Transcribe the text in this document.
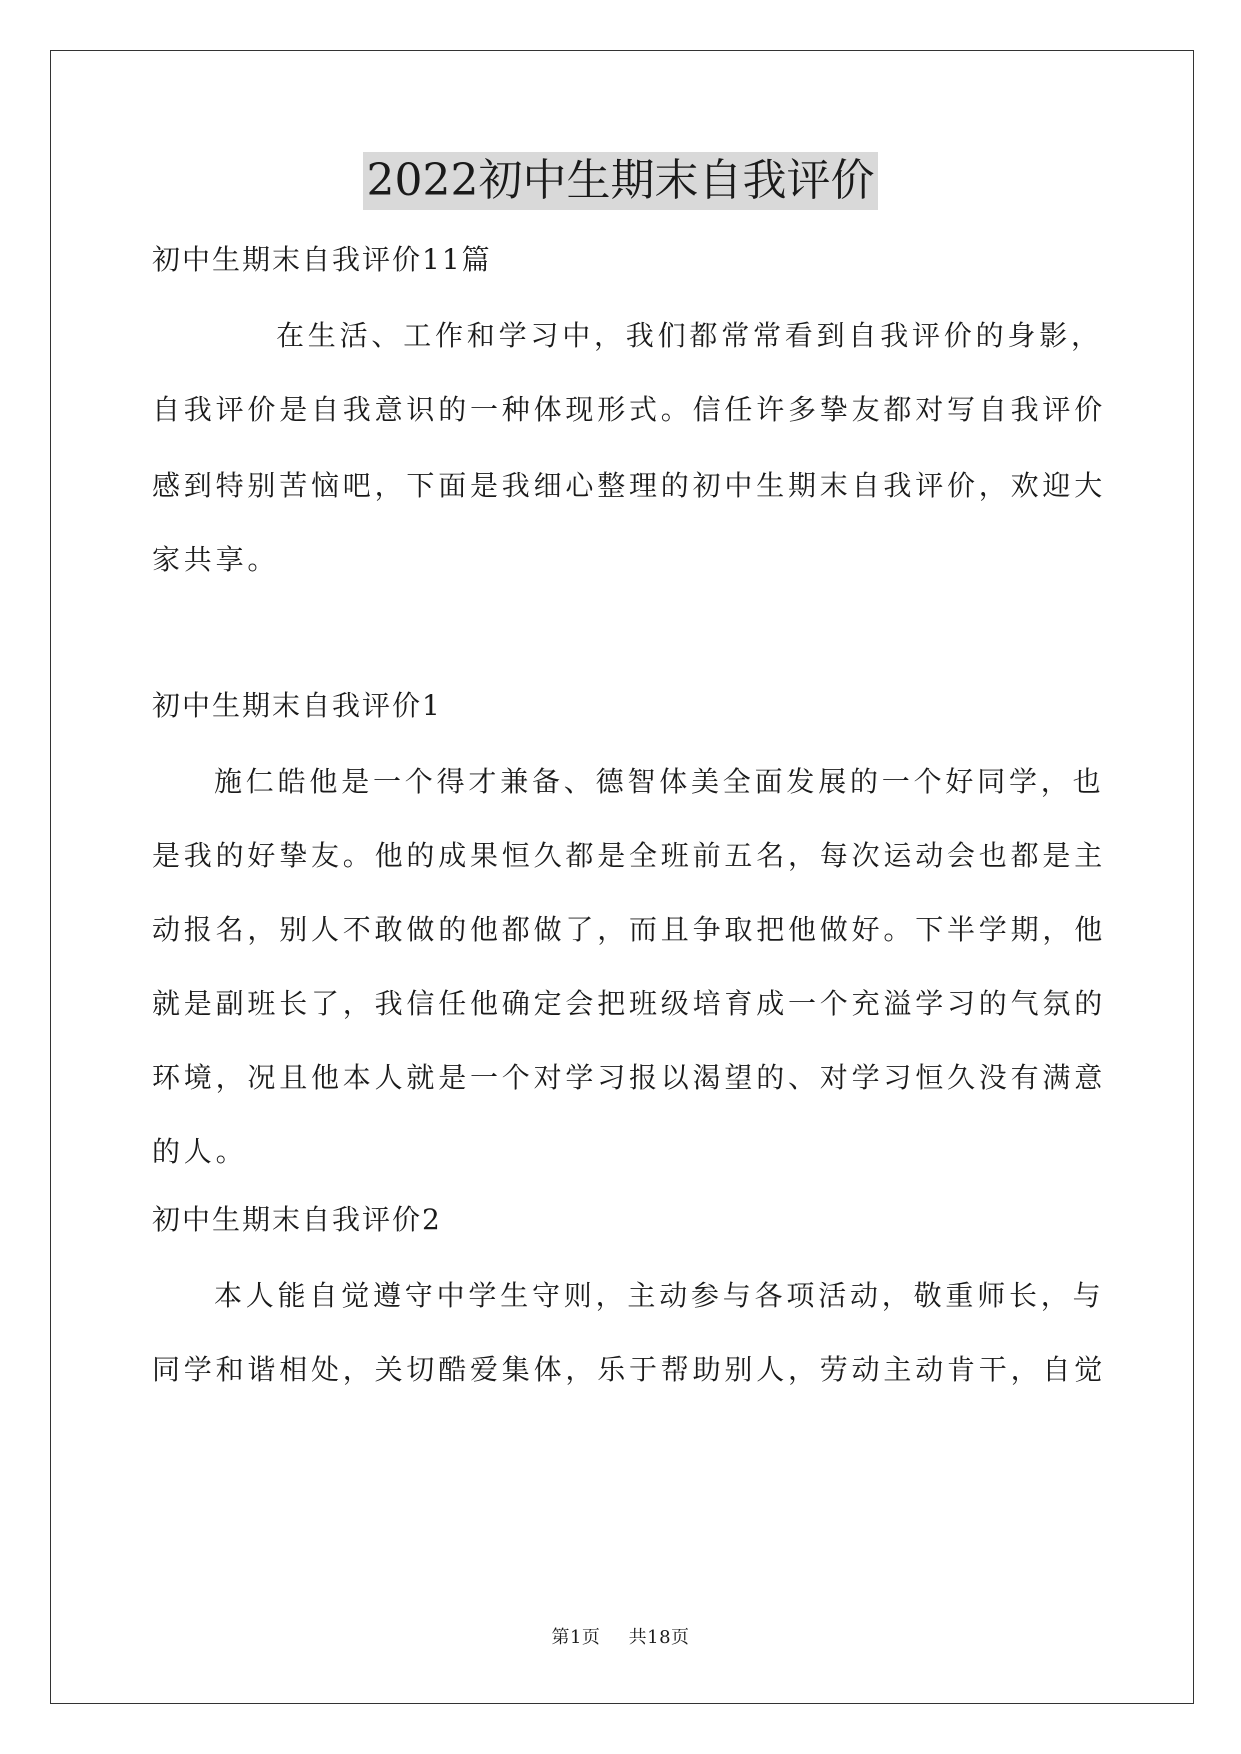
2022初中生期末自我评价
初中生期末自我评价11篇
在生活、工作和学习中，我们都常常看到自我评价的身影，
自我评价是自我意识的一种体现形式。信任许多挚友都对写自我评价
感到特别苦恼吧，下面是我细心整理的初中生期末自我评价，欢迎大
家共享。
初中生期末自我评价1
施仁皓他是一个得才兼备、德智体美全面发展的一个好同学，也
是我的好挚友。他的成果恒久都是全班前五名，每次运动会也都是主
动报名，别人不敢做的他都做了，而且争取把他做好。下半学期，他
就是副班长了，我信任他确定会把班级培育成一个充溢学习的气氛的
环境，况且他本人就是一个对学习报以渴望的、对学习恒久没有满意
的人。
初中生期末自我评价2
本人能自觉遵守中学生守则，主动参与各项活动，敬重师长，与
同学和谐相处，关切酷爱集体，乐于帮助别人，劳动主动肯干，自觉
第1页 共18页
